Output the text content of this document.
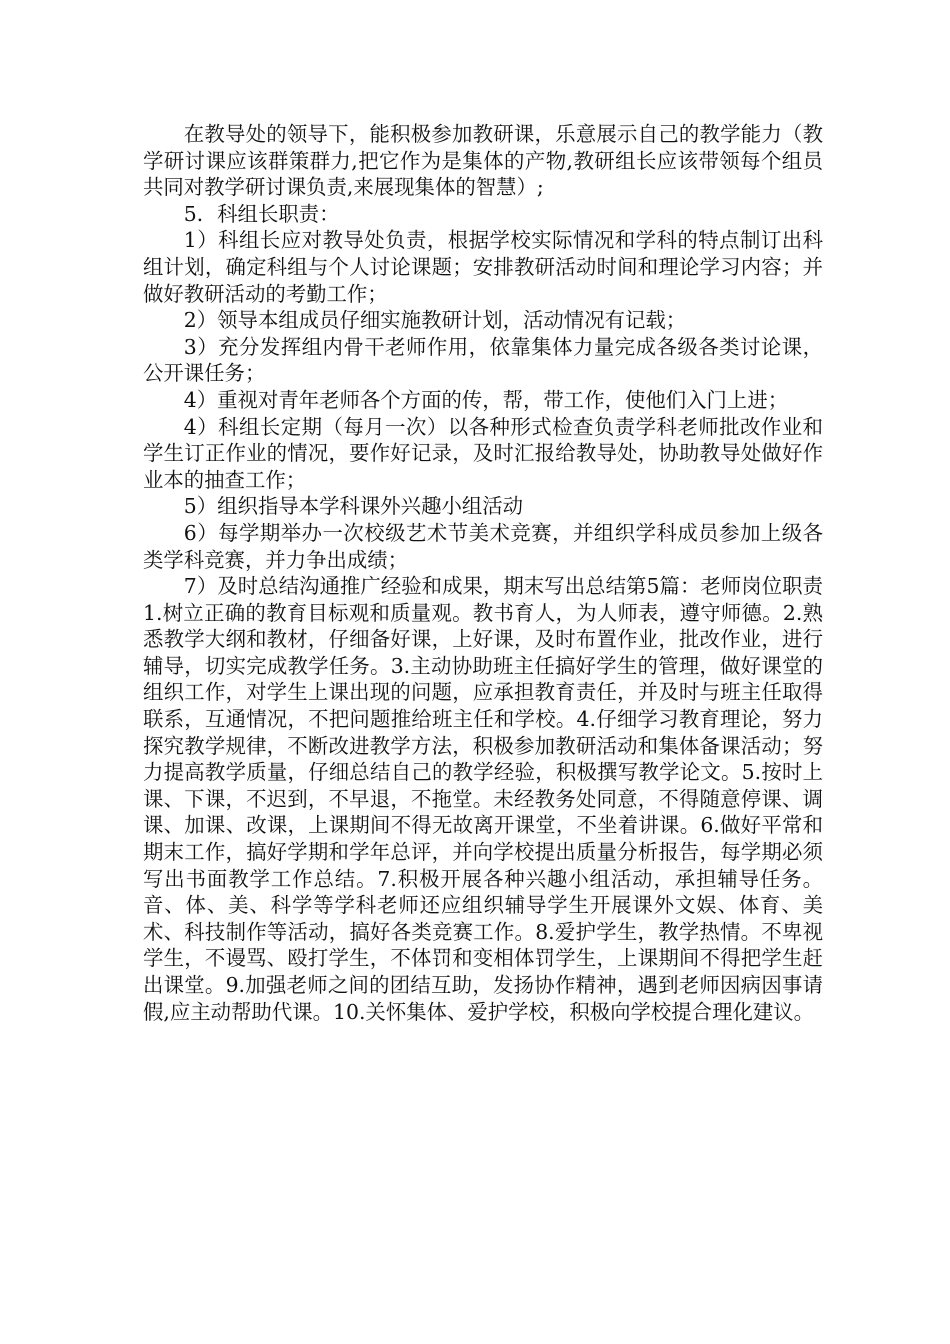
在教导处的领导下，能积极参加教研课，乐意展示自己的教学能力（教学研讨课应该群策群力,把它作为是集体的产物,教研组长应该带领每个组员共同对教学研讨课负责,来展现集体的智慧）;

5．科组长职责：

1）科组长应对教导处负责，根据学校实际情况和学科的特点制订出科组计划，确定科组与个人讨论课题；安排教研活动时间和理论学习内容；并做好教研活动的考勤工作；

2）领导本组成员仔细实施教研计划，活动情况有记载；

3）充分发挥组内骨干老师作用，依靠集体力量完成各级各类讨论课，公开课任务；

4）重视对青年老师各个方面的传，帮，带工作，使他们入门上进；

4）科组长定期（每月一次）以各种形式检查负责学科老师批改作业和学生订正作业的情况，要作好记录，及时汇报给教导处，协助教导处做好作业本的抽查工作；

5）组织指导本学科课外兴趣小组活动

6）每学期举办一次校级艺术节美术竞赛，并组织学科成员参加上级各类学科竞赛，并力争出成绩；

7）及时总结沟通推广经验和成果，期末写出总结第5篇：老师岗位职责1.树立正确的教育目标观和质量观。教书育人，为人师表，遵守师德。2.熟悉教学大纲和教材，仔细备好课，上好课，及时布置作业，批改作业，进行辅导，切实完成教学任务。3.主动协助班主任搞好学生的管理，做好课堂的组织工作，对学生上课出现的问题，应承担教育责任，并及时与班主任取得联系，互通情况，不把问题推给班主任和学校。4.仔细学习教育理论，努力探究教学规律，不断改进教学方法，积极参加教研活动和集体备课活动；努力提高教学质量，仔细总结自己的教学经验，积极撰写教学论文。5.按时上课、下课，不迟到，不早退，不拖堂。未经教务处同意，不得随意停课、调课、加课、改课，上课期间不得无故离开课堂，不坐着讲课。6.做好平常和期末工作，搞好学期和学年总评，并向学校提出质量分析报告，每学期必须写出书面教学工作总结。7.积极开展各种兴趣小组活动，承担辅导任务。音、体、美、科学等学科老师还应组织辅导学生开展课外文娱、体育、美术、科技制作等活动，搞好各类竞赛工作。8.爱护学生，教学热情。不卑视学生，不谩骂、殴打学生，不体罚和变相体罚学生，上课期间不得把学生赶出课堂。9.加强老师之间的团结互助，发扬协作精神，遇到老师因病因事请假,应主动帮助代课。10.关怀集体、爱护学校，积极向学校提合理化建议。
